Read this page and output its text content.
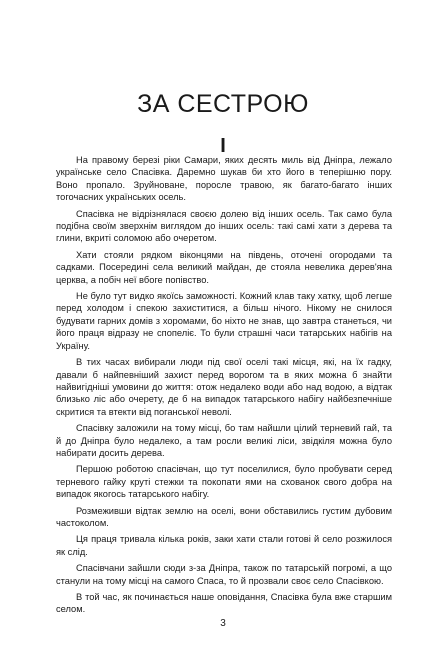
ЗА СЕСТРОЮ
I

На правому березі ріки Самари, яких десять миль від Дніпра, лежало українське село Спасівка. Даремно шукав би хто його в теперішню пору. Воно пропало. Зруйноване, поросле травою, як багато-багато інших тогочасних українських осель.

Спасівка не відрізнялася своєю долею від інших осель. Так само була подібна своїм зверхнім виглядом до інших осель: такі самі хати з дерева та глини, вкриті соломою або очеретом.

Хати стояли рядком віконцями на південь, оточені огородами та садками. Посередині села великий майдан, де стояла невелика дерев'яна церква, а побіч неї вбоге попівство.

Не було тут видко якоїсь заможності. Кожний клав таку хатку, щоб легше перед холодом і спекою захиститися, а більш нічого. Нікому не снилося будувати гарних домів з хоромами, бо ніхто не знав, що завтра станеться, чи його праця відразу не спопеліє. То були страшні часи татарських набігів на Україну.

В тих часах вибирали люди під свої оселі такі місця, які, на їх гадку, давали б найпевніший захист перед ворогом та в яких можна б знайти найвигідніші умовини до життя: отож недалеко води або над водою, а відтак близько ліс або очерету, де б на випадок татарського набігу найбезпечніше скритися та втекти від поганської неволі.

Спасівку заложили на тому місці, бо там найшли цілий терневий гай, та й до Дніпра було недалеко, а там росли великі ліси, звідкіля можна було набирати досить дерева.

Першою роботою спасівчан, що тут поселилися, було пробувати серед терневого гайку круті стежки та покопати ями на схованок свого добра на випадок якогось татарського набігу.

Розмеживши відтак землю на оселі, вони обставились густим дубовим частоколом.

Ця праця тривала кілька років, заки хати стали готові й село розжилося як слід.

Спасівчани зайшли сюди з-за Дніпра, також по татарській погромі, а що станули на тому місці на самого Спаса, то й прозвали своє село Спасівкою.

В той час, як починається наше оповідання, Спасівка була вже старшим селом.

3
